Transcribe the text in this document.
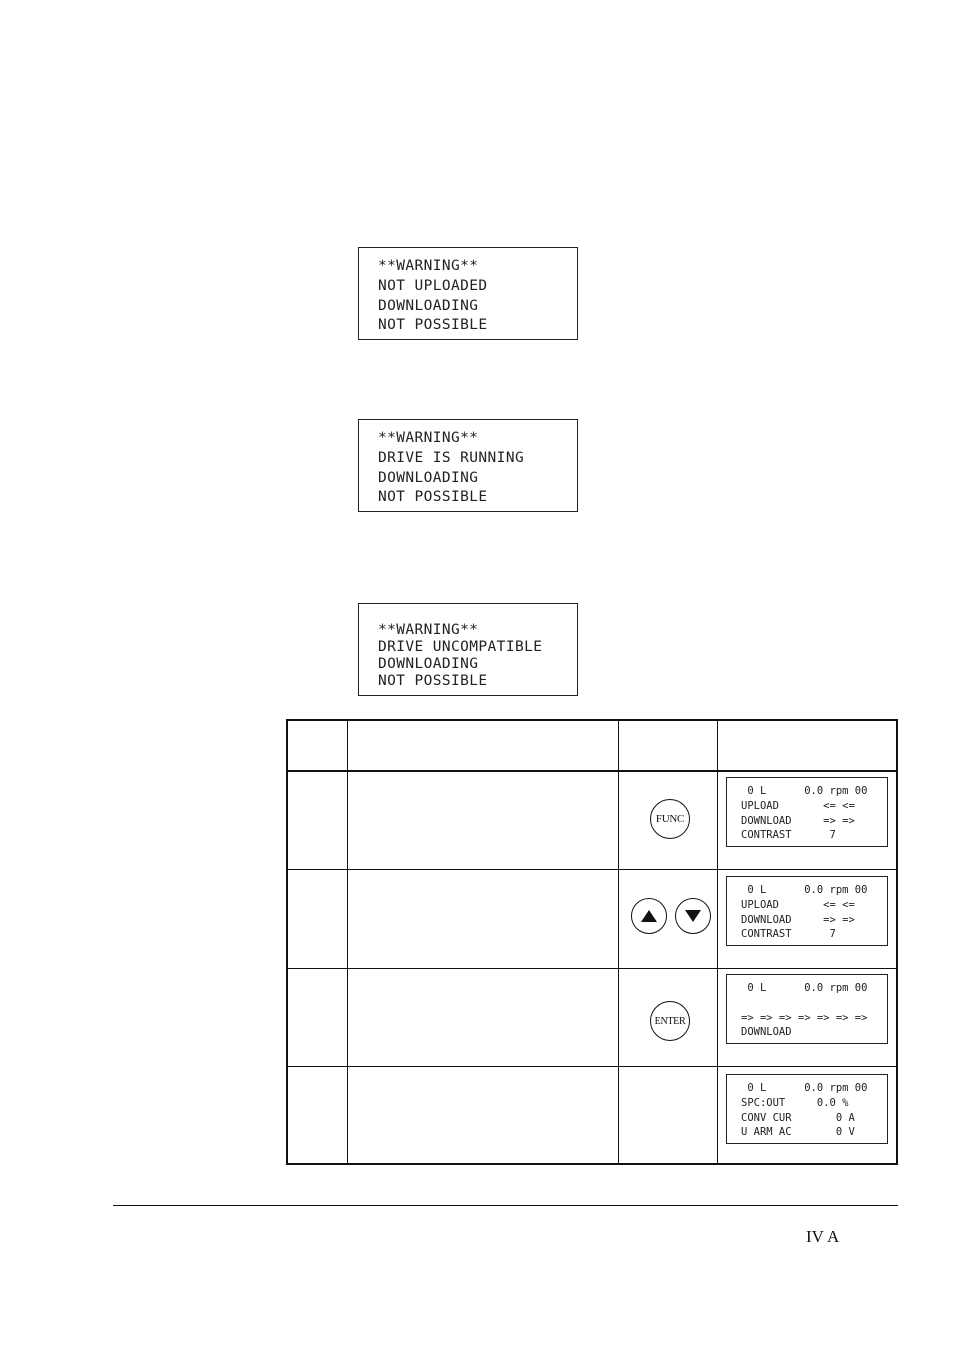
**WARNING**
NOT UPLOADED
DOWNLOADING
NOT POSSIBLE
**WARNING**
DRIVE IS RUNNING
DOWNLOADING
NOT POSSIBLE
**WARNING**
DRIVE UNCOMPATIBLE
DOWNLOADING
NOT POSSIBLE
FUNC
0 L      0.0 rpm 00
UPLOAD       <= <=
DOWNLOAD     => =>
CONTRAST      7
0 L      0.0 rpm 00
UPLOAD       <= <=
DOWNLOAD     => =>
CONTRAST      7
ENTER
0 L      0.0 rpm 00
=> => => => => => =>
DOWNLOAD
0 L      0.0 rpm 00
SPC:OUT     0.0 %
CONV CUR       0 A
U ARM AC       0 V
IV A
